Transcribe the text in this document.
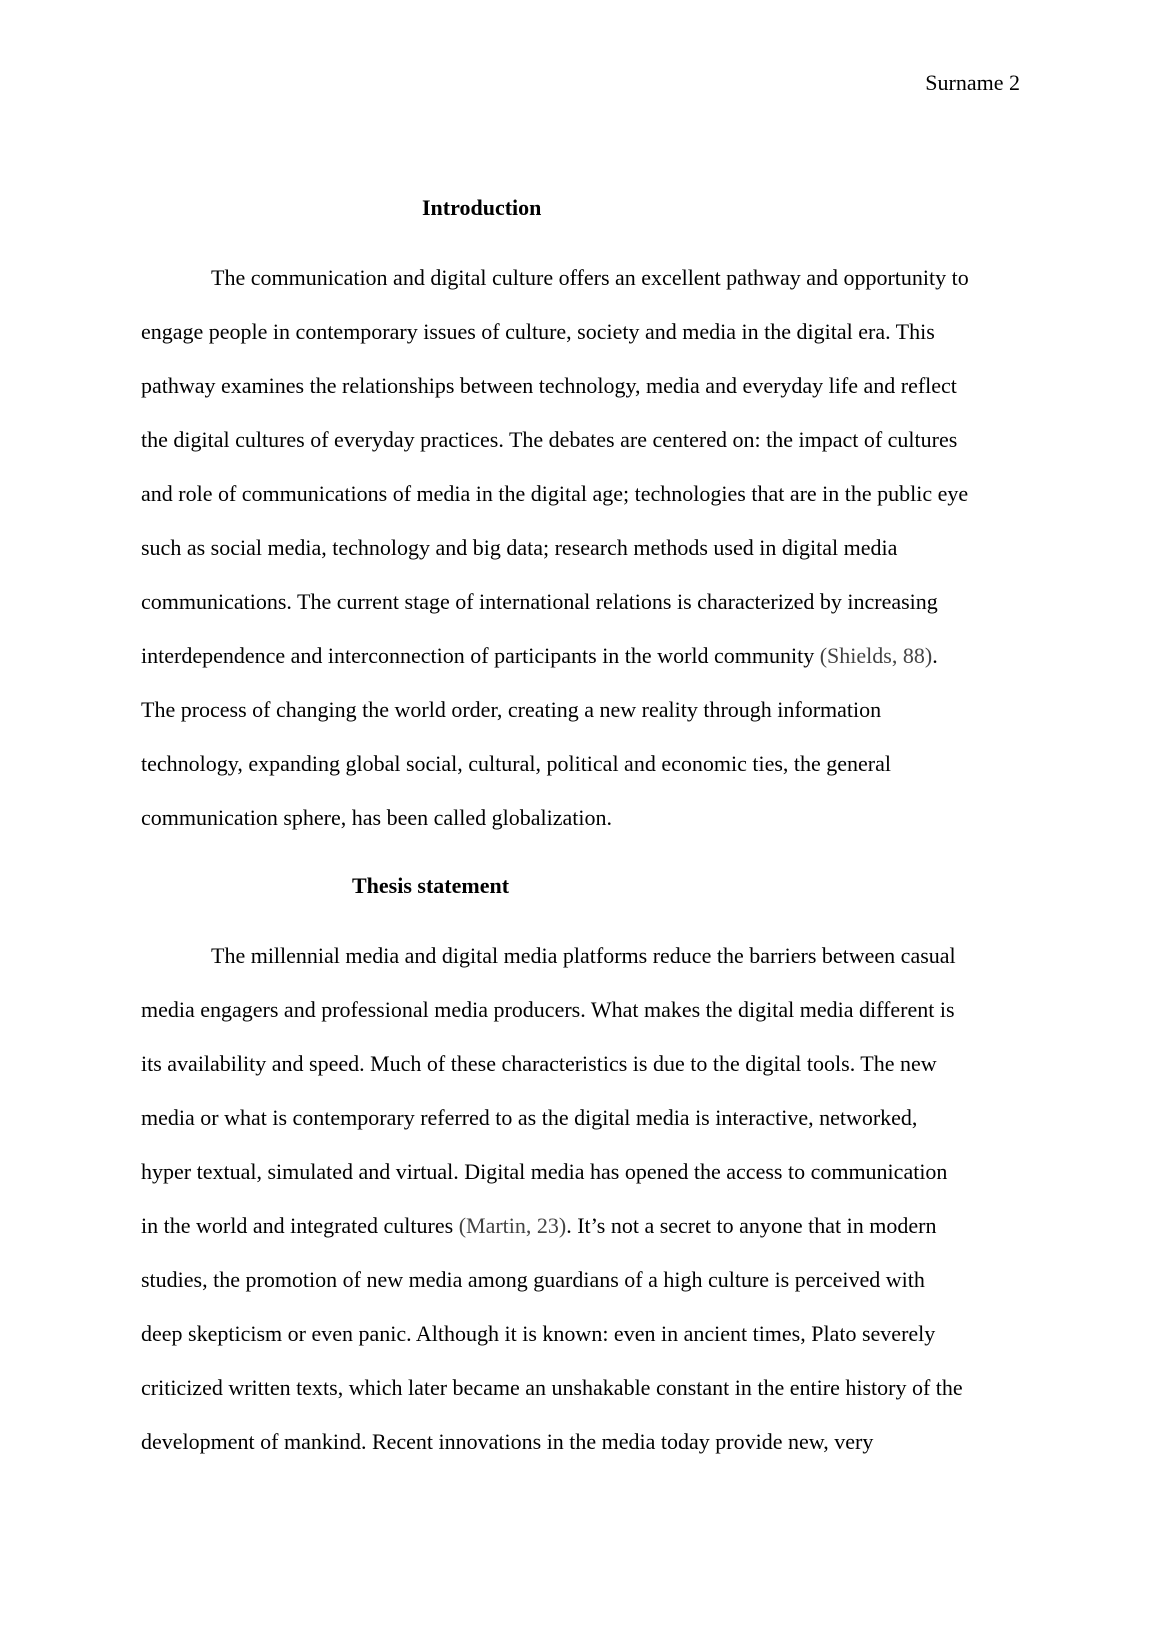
Surname 2
Introduction
The communication and digital culture offers an excellent pathway and opportunity to
engage people in contemporary issues of culture, society and media in the digital era. This
pathway examines the relationships between technology, media and everyday life and reflect
the digital cultures of everyday practices. The debates are centered on: the impact of cultures
and role of communications of media in the digital age; technologies that are in the public eye
such as social media, technology and big data; research methods used in digital media
communications. The current stage of international relations is characterized by increasing
interdependence and interconnection of participants in the world community (Shields, 88).
The process of changing the world order, creating a new reality through information
technology, expanding global social, cultural, political and economic ties, the general
communication sphere, has been called globalization.
Thesis statement
The millennial media and digital media platforms reduce the barriers between casual
media engagers and professional media producers. What makes the digital media different is
its availability and speed. Much of these characteristics is due to the digital tools. The new
media or what is contemporary referred to as the digital media is interactive, networked,
hyper textual, simulated and virtual. Digital media has opened the access to communication
in the world and integrated cultures (Martin, 23). It’s not a secret to anyone that in modern
studies, the promotion of new media among guardians of a high culture is perceived with
deep skepticism or even panic. Although it is known: even in ancient times, Plato severely
criticized written texts, which later became an unshakable constant in the entire history of the
development of mankind. Recent innovations in the media today provide new, very
